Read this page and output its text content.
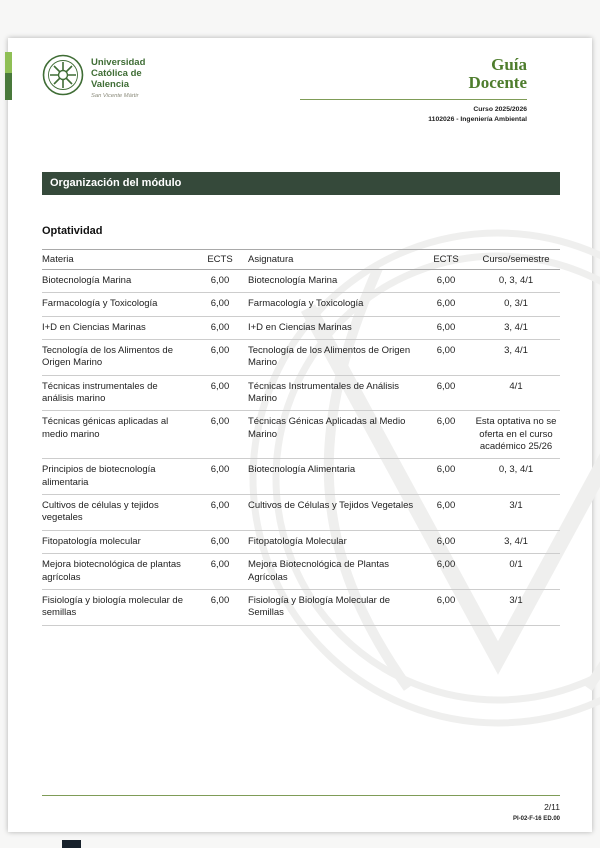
Universidad
Católica de
Valencia
San Vicente Mártir
Guía
Docente
Curso 2025/2026
1102026 - Ingeniería Ambiental
Organización del módulo
Optatividad
Materia	ECTS	Asignatura	ECTS	Curso/semestre
Biotecnología Marina	6,00	Biotecnología Marina	6,00	0, 3, 4/1
Farmacología y Toxicología	6,00	Farmacología y Toxicología	6,00	0, 3/1
I+D en Ciencias Marinas	6,00	I+D en Ciencias Marinas	6,00	3, 4/1
Tecnología de los Alimentos de Origen Marino	6,00	Tecnología de los Alimentos de Origen Marino	6,00	3, 4/1
Técnicas instrumentales de análisis marino	6,00	Técnicas Instrumentales de Análisis Marino	6,00	4/1
Técnicas génicas aplicadas al medio marino	6,00	Técnicas Génicas Aplicadas al Medio Marino	6,00	Esta optativa no se oferta en el curso académico 25/26
Principios de biotecnología alimentaria	6,00	Biotecnología Alimentaria	6,00	0, 3, 4/1
Cultivos de células y tejidos vegetales	6,00	Cultivos de Células y Tejidos Vegetales	6,00	3/1
Fitopatología molecular	6,00	Fitopatología Molecular	6,00	3, 4/1
Mejora biotecnológica de plantas agrícolas	6,00	Mejora Biotecnológica de Plantas Agrícolas	6,00	0/1
Fisiología y biología molecular de semillas	6,00	Fisiología y Biología Molecular de Semillas	6,00	3/1
2/11
PI-02-F-16 ED.00
